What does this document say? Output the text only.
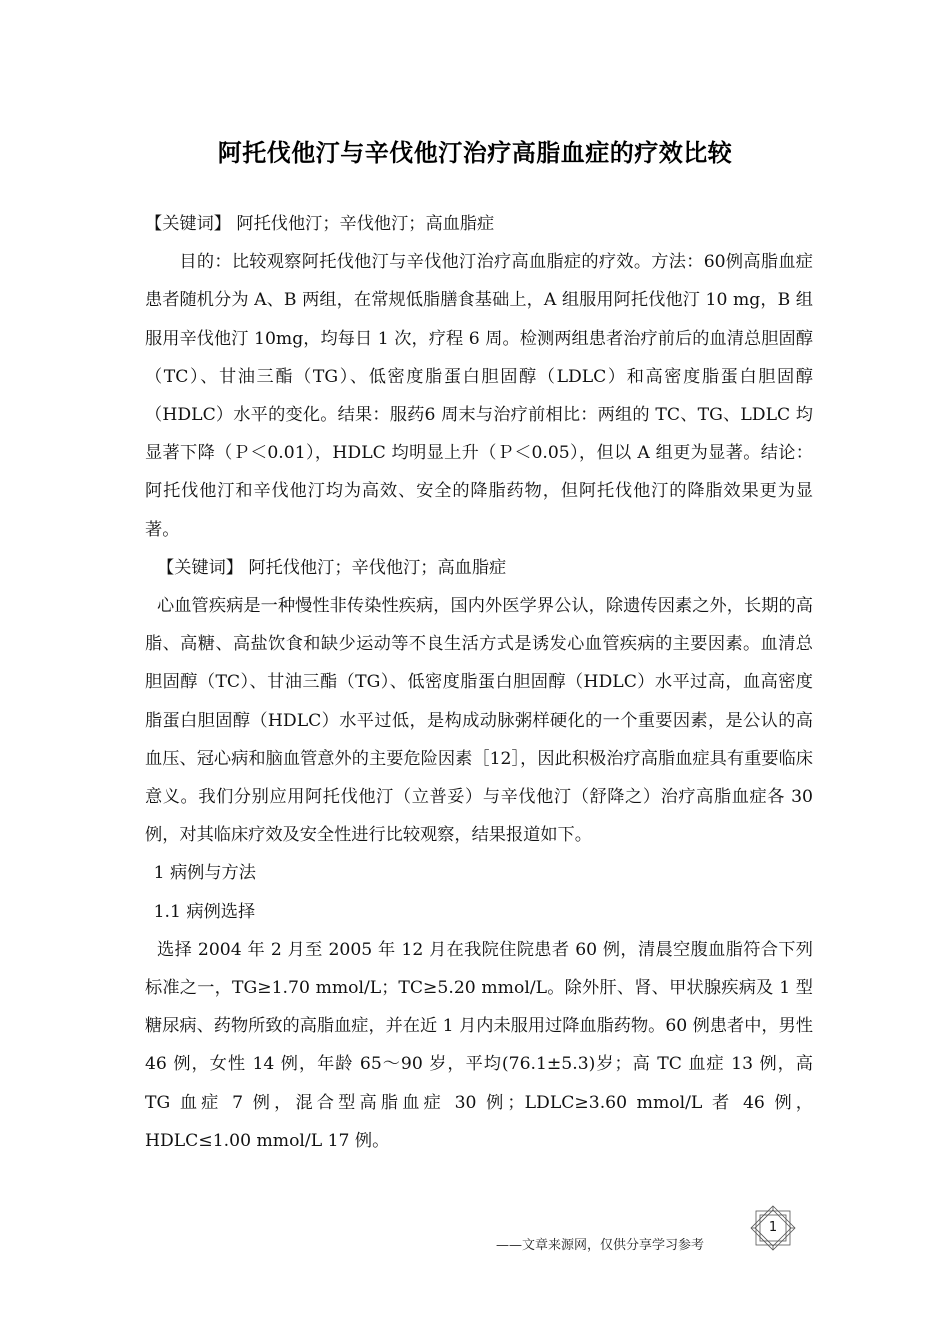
阿托伐他汀与辛伐他汀治疗高脂血症的疗效比较

【关键词】 阿托伐他汀；辛伐他汀；高血脂症

目的：比较观察阿托伐他汀与辛伐他汀治疗高血脂症的疗效。方法：60例高脂血症患者随机分为 A、B 两组，在常规低脂膳食基础上，A 组服用阿托伐他汀 10 mg，B 组服用辛伐他汀 10mg，均每日 1 次，疗程 6 周。检测两组患者治疗前后的血清总胆固醇（TC）、甘油三酯（TG）、低密度脂蛋白胆固醇（LDLC）和高密度脂蛋白胆固醇（HDLC）水平的变化。结果：服药6 周末与治疗前相比：两组的 TC、TG、LDLC 均显著下降（Ｐ＜0.01），HDLC 均明显上升（Ｐ＜0.05），但以 A 组更为显著。结论：阿托伐他汀和辛伐他汀均为高效、安全的降脂药物，但阿托伐他汀的降脂效果更为显著。

【关键词】 阿托伐他汀；辛伐他汀；高血脂症

心血管疾病是一种慢性非传染性疾病，国内外医学界公认，除遗传因素之外，长期的高脂、高糖、高盐饮食和缺少运动等不良生活方式是诱发心血管疾病的主要因素。血清总胆固醇（TC）、甘油三酯（TG）、低密度脂蛋白胆固醇（HDLC）水平过高，血高密度脂蛋白胆固醇（HDLC）水平过低，是构成动脉粥样硬化的一个重要因素，是公认的高血压、冠心病和脑血管意外的主要危险因素［12］，因此积极治疗高脂血症具有重要临床意义。我们分别应用阿托伐他汀（立普妥）与辛伐他汀（舒降之）治疗高脂血症各 30 例，对其临床疗效及安全性进行比较观察，结果报道如下。

1 病例与方法

1.1 病例选择

选择 2004 年 2 月至 2005 年 12 月在我院住院患者 60 例，清晨空腹血脂符合下列标准之一，TG≥1.70 mmol/L；TC≥5.20 mmol/L。除外肝、肾、甲状腺疾病及 1 型糖尿病、药物所致的高脂血症，并在近 1 月内未服用过降血脂药物。60 例患者中，男性 46 例，女性 14 例，年龄 65～90 岁，平均(76.1±5.3)岁；高 TC 血症 13 例，高 TG 血症 7 例，混合型高脂血症 30 例；LDLC≥3.60 mmol/L 者 46 例，HDLC≤1.00 mmol/L 17 例。

——文章来源网，仅供分享学习参考
1
